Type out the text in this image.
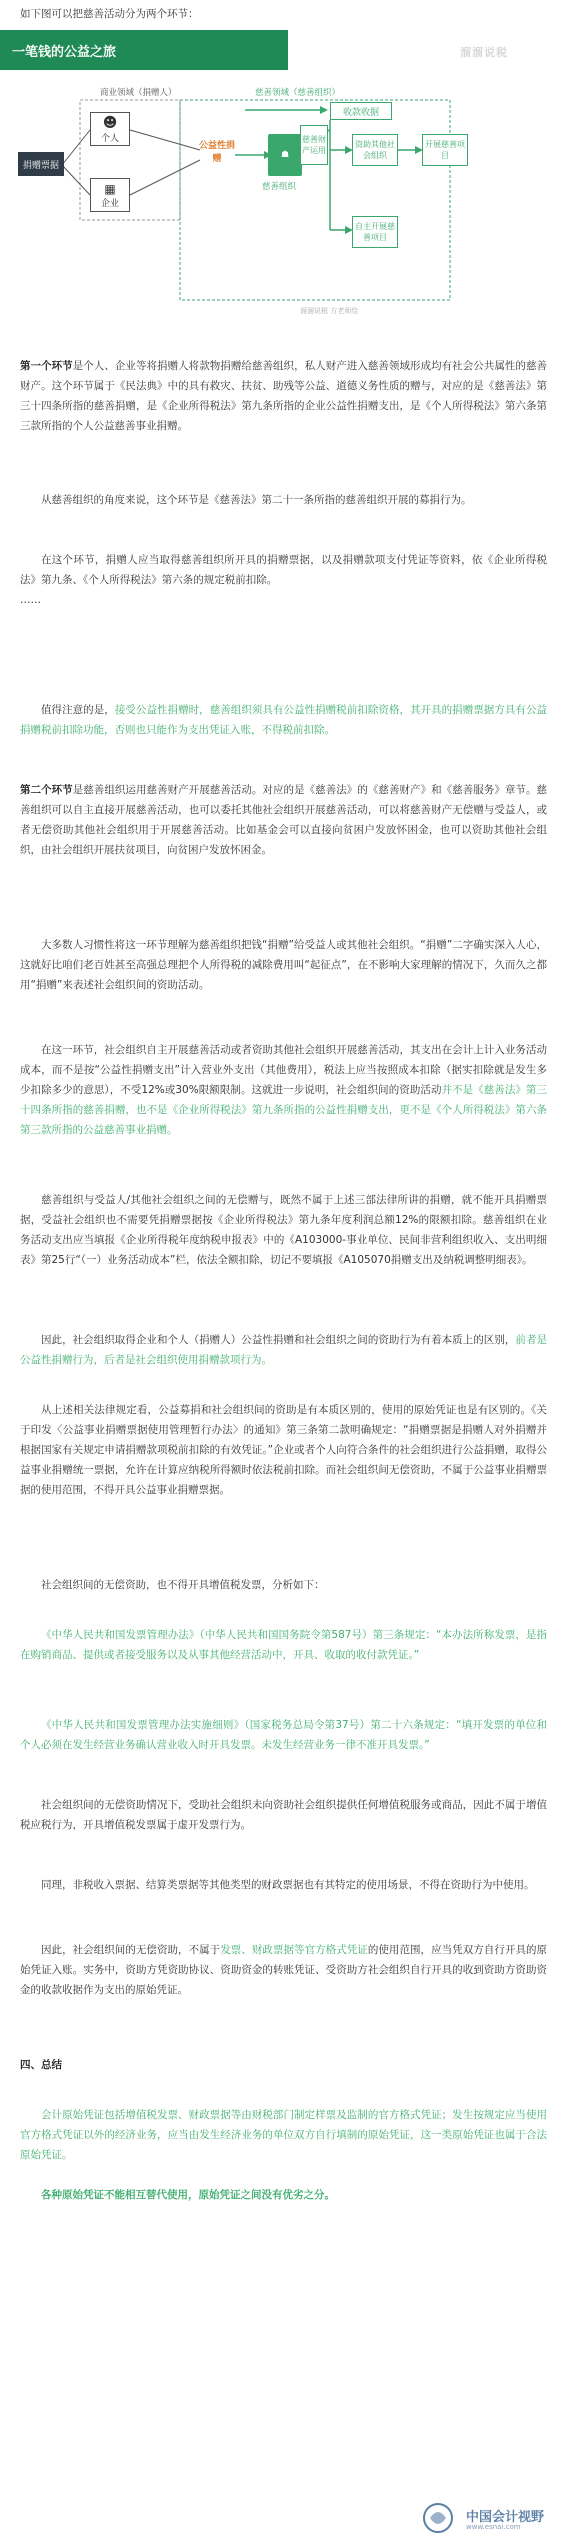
如下图可以把慈善活动分为两个环节：

一笔钱的公益之旅	溜溜说税
商业领域（捐赠人）	慈善领域（慈善组织）
捐赠票据
☻
个人
▦
企业
公益性捐赠	☗
慈善组织
收款收据
慈善财产运用
资助其他社会组织
开展慈善项目
自主开展慈善项目
溜溜说税 方老师绘

第一个环节是个人、企业等将捐赠人将款物捐赠给慈善组织，私人财产进入慈善领域形成均有社会公共属性的慈善财产。这个环节属于《民法典》中的具有救灾、扶贫、助残等公益、道德义务性质的赠与，对应的是《慈善法》第三十四条所指的慈善捐赠，是《企业所得税法》第九条所指的企业公益性捐赠支出，是《个人所得税法》第六条第三款所指的个人公益慈善事业捐赠。

从慈善组织的角度来说，这个环节是《慈善法》第二十一条所指的慈善组织开展的募捐行为。

在这个环节，捐赠人应当取得慈善组织所开具的捐赠票据，以及捐赠款项支付凭证等资料，依《企业所得税法》第九条、《个人所得税法》第六条的规定税前扣除。

……

值得注意的是，接受公益性捐赠时，慈善组织须具有公益性捐赠税前扣除资格，其开具的捐赠票据方具有公益捐赠税前扣除功能，否则也只能作为支出凭证入账，不得税前扣除。

第二个环节是慈善组织运用慈善财产开展慈善活动。对应的是《慈善法》的《慈善财产》和《慈善服务》章节。慈善组织可以自主直接开展慈善活动，也可以委托其他社会组织开展慈善活动，可以将慈善财产无偿赠与受益人，或者无偿资助其他社会组织用于开展慈善活动。比如基金会可以直接向贫困户发放怀困金，也可以资助其他社会组织，由社会组织开展扶贫项目，向贫困户发放怀困金。

大多数人习惯性将这一环节理解为慈善组织把钱“捐赠”给受益人或其他社会组织。“捐赠”二字确实深入人心，这就好比咱们老百姓甚至高强总理把个人所得税的减除费用叫“起征点”，在不影响大家理解的情况下，久而久之都用“捐赠”来表述社会组织间的资助活动。

在这一环节，社会组织自主开展慈善活动或者资助其他社会组织开展慈善活动，其支出在会计上计入业务活动成本，而不是按“公益性捐赠支出”计入营业外支出（其他费用），税法上应当按照成本扣除（据实扣除就是发生多少扣除多少的意思），不受12%或30%限额限制。这就进一步说明，社会组织间的资助活动并不是《慈善法》第三十四条所指的慈善捐赠，也不是《企业所得税法》第九条所指的公益性捐赠支出，更不是《个人所得税法》第六条第三款所指的公益慈善事业捐赠。

慈善组织与受益人/其他社会组织之间的无偿赠与，既然不属于上述三部法律所讲的捐赠，就不能开具捐赠票据，受益社会组织也不需要凭捐赠票据按《企业所得税法》第九条年度利润总额12%的限额扣除。慈善组织在业务活动支出应当填报《企业所得税年度纳税申报表》中的《A103000-事业单位、民间非营利组织收入、支出明细表》第25行“（一）业务活动成本”栏，依法全额扣除，切记不要填报《A105070捐赠支出及纳税调整明细表》。

因此，社会组织取得企业和个人（捐赠人）公益性捐赠和社会组织之间的资助行为有着本质上的区别，前者是公益性捐赠行为，后者是社会组织使用捐赠款项行为。

从上述相关法律规定看，公益募捐和社会组织间的资助是有本质区别的，使用的原始凭证也是有区别的。《关于印发〈公益事业捐赠票据使用管理暂行办法〉的通知》第三条第二款明确规定：“捐赠票据是捐赠人对外捐赠并根据国家有关规定申请捐赠款项税前扣除的有效凭证。”企业或者个人向符合条件的社会组织进行公益捐赠，取得公益事业捐赠统一票据，允许在计算应纳税所得额时依法税前扣除。而社会组织间无偿资助，不属于公益事业捐赠票据的使用范围，不得开具公益事业捐赠票据。

社会组织间的无偿资助，也不得开具增值税发票，分析如下：

《中华人民共和国发票管理办法》（中华人民共和国国务院令第587号）第三条规定：“本办法所称发票，是指在购销商品、提供或者接受服务以及从事其他经营活动中，开具、收取的收付款凭证。”

《中华人民共和国发票管理办法实施细则》（国家税务总局令第37号）第二十六条规定：“填开发票的单位和个人必须在发生经营业务确认营业收入时开具发票。未发生经营业务一律不准开具发票。”

社会组织间的无偿资助情况下，受助社会组织未向资助社会组织提供任何增值税服务或商品，因此不属于增值税应税行为，开具增值税发票属于虚开发票行为。

同理，非税收入票据、结算类票据等其他类型的财政票据也有其特定的使用场景，不得在资助行为中使用。

因此，社会组织间的无偿资助，不属于发票、财政票据等官方格式凭证的使用范围，应当凭双方自行开具的原始凭证入账。实务中，资助方凭资助协议、资助资金的转账凭证、受资助方社会组织自行开具的收到资助方资助资金的收款收据作为支出的原始凭证。

四、总结

会计原始凭证包括增值税发票、财政票据等由财税部门制定样票及监制的官方格式凭证；发生按规定应当使用官方格式凭证以外的经济业务，应当由发生经济业务的单位双方自行填制的原始凭证，这一类原始凭证也属于合法原始凭证。

各种原始凭证不能相互替代使用，原始凭证之间没有优劣之分。

中国会计视野
www.esnai.com
